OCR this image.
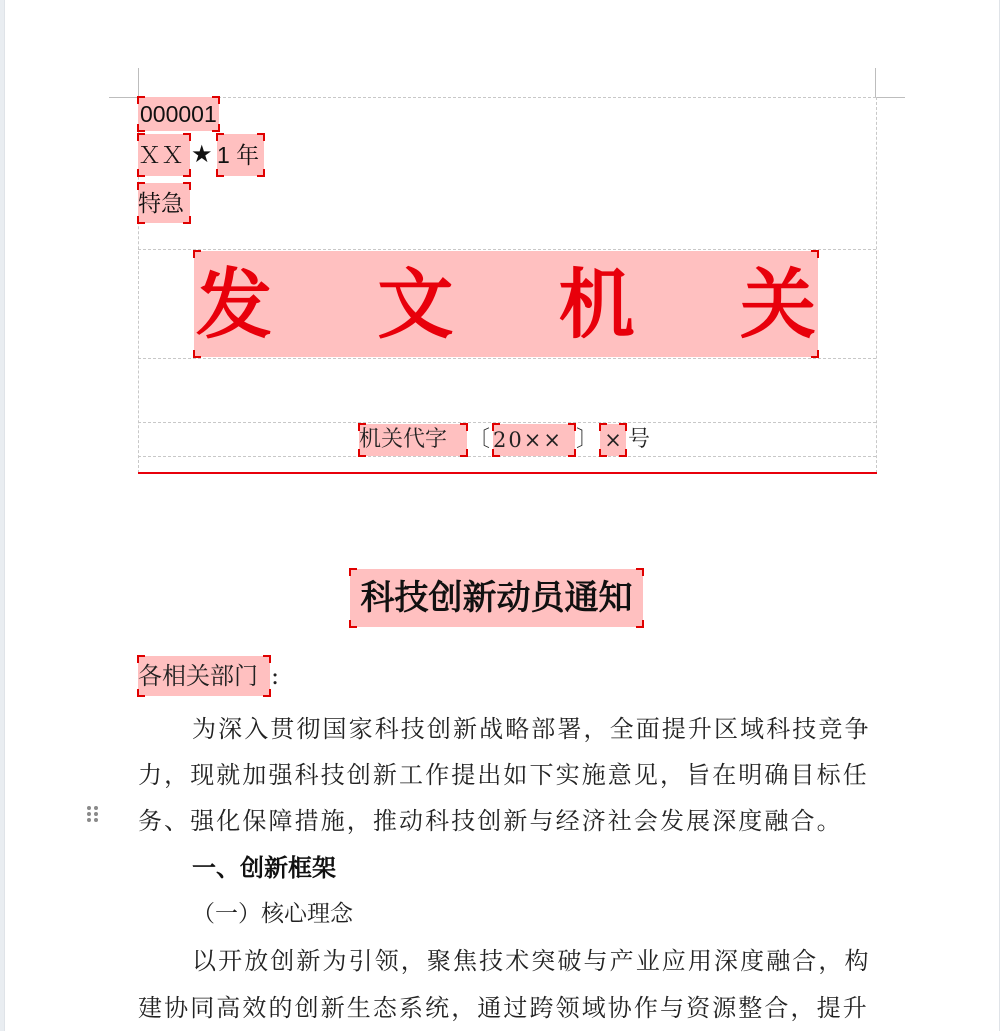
000001
ＸＸ ★ 1 年
特急
发 文 机 关
机关代字 〔 20×× 〕 × 号
科技创新动员通知
各相关部门 :
为深入贯彻国家科技创新战略部署，全面提升区域科技竞争
力，现就加强科技创新工作提出如下实施意见，旨在明确目标任
务、强化保障措施，推动科技创新与经济社会发展深度融合。
一、创新框架
（一）核心理念
以开放创新为引领，聚焦技术突破与产业应用深度融合，构
建协同高效的创新生态系统，通过跨领域协作与资源整合，提升
